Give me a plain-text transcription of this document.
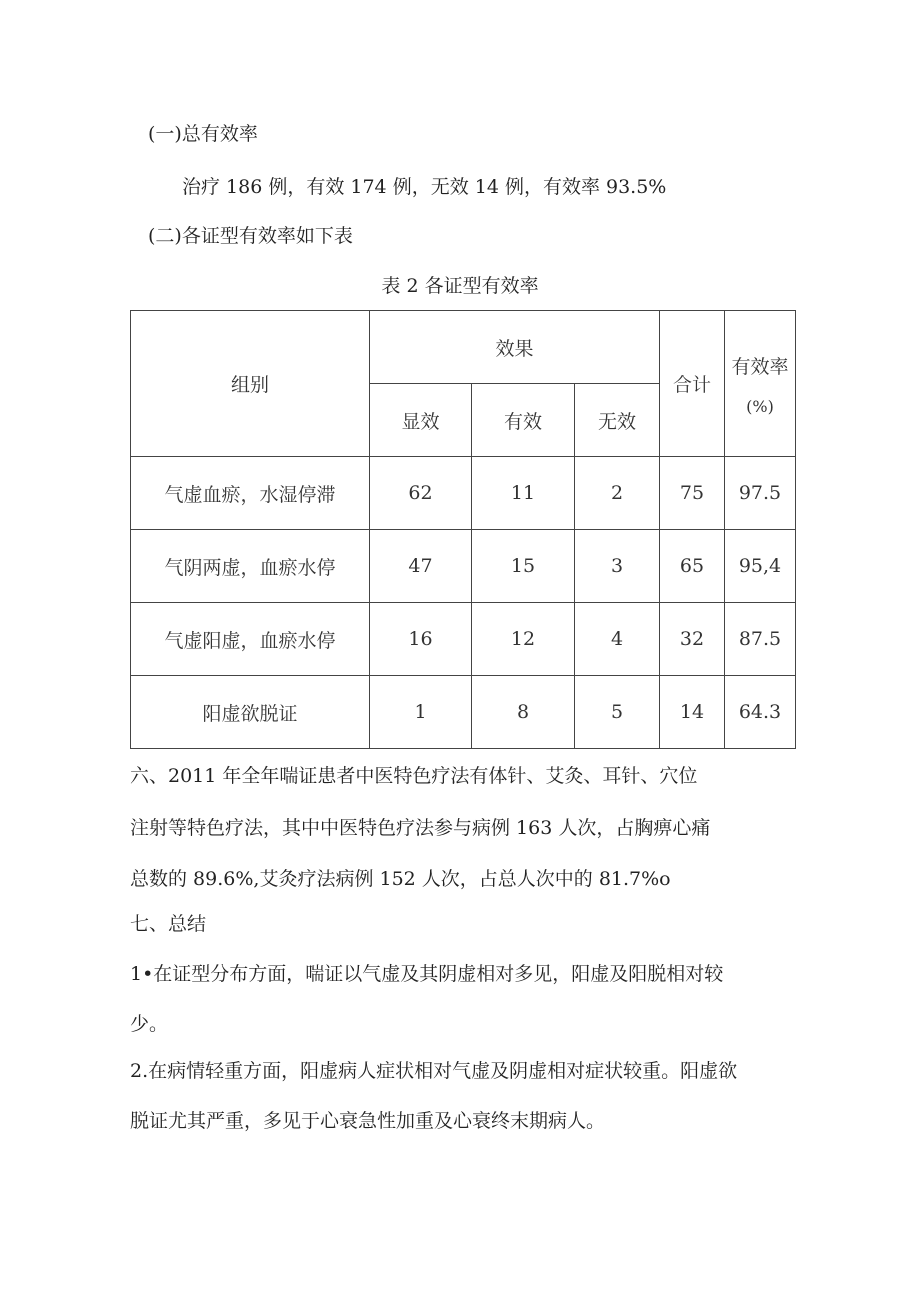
(一)总有效率
治疗 186 例，有效 174 例，无效 14 例，有效率 93.5%
(二)各证型有效率如下表
表 2 各证型有效率
组别	效果			合计	有效率
(%)

	显效	有效	无效		
气虚血瘀，水湿停滞	62	11	2	75	97.5
气阴两虚，血瘀水停	47	15	3	65	95,4
气虚阳虚，血瘀水停	16	12	4	32	87.5
阳虚欲脱证	1	8	5	14	64.3
六、2011 年全年喘证患者中医特色疗法有体针、艾灸、耳针、穴位
注射等特色疗法，其中中医特色疗法参与病例 163 人次，占胸痹心痛
总数的 89.6%,艾灸疗法病例 152 人次，占总人次中的 81.7%o
七、总结
1•在证型分布方面，喘证以气虚及其阴虚相对多见，阳虚及阳脱相对较
少。
2.在病情轻重方面，阳虚病人症状相对气虚及阴虚相对症状较重。阳虚欲
脱证尤其严重，多见于心衰急性加重及心衰终末期病人。
